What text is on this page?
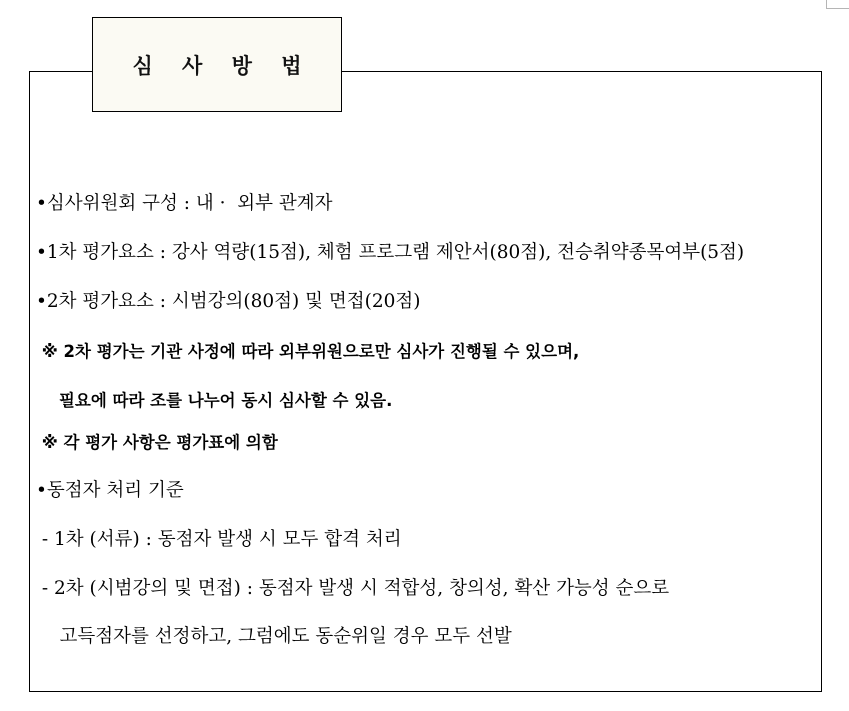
심 사 방 법
•심사위원회 구성 : 내 ·  외부 관계자
•1차 평가요소 : 강사 역량(15점), 체험 프로그램 제안서(80점), 전승취약종목여부(5점)
•2차 평가요소 : 시범강의(80점) 및 면접(20점)
※ 2차 평가는 기관 사정에 따라 외부위원으로만 심사가 진행될 수 있으며,
필요에 따라 조를 나누어 동시 심사할 수 있음.
※ 각 평가 사항은 평가표에 의함
•동점자 처리 기준
- 1차 (서류) : 동점자 발생 시 모두 합격 처리
- 2차 (시범강의 및 면접) : 동점자 발생 시 적합성, 창의성, 확산 가능성 순으로
고득점자를 선정하고, 그럼에도 동순위일 경우 모두 선발
